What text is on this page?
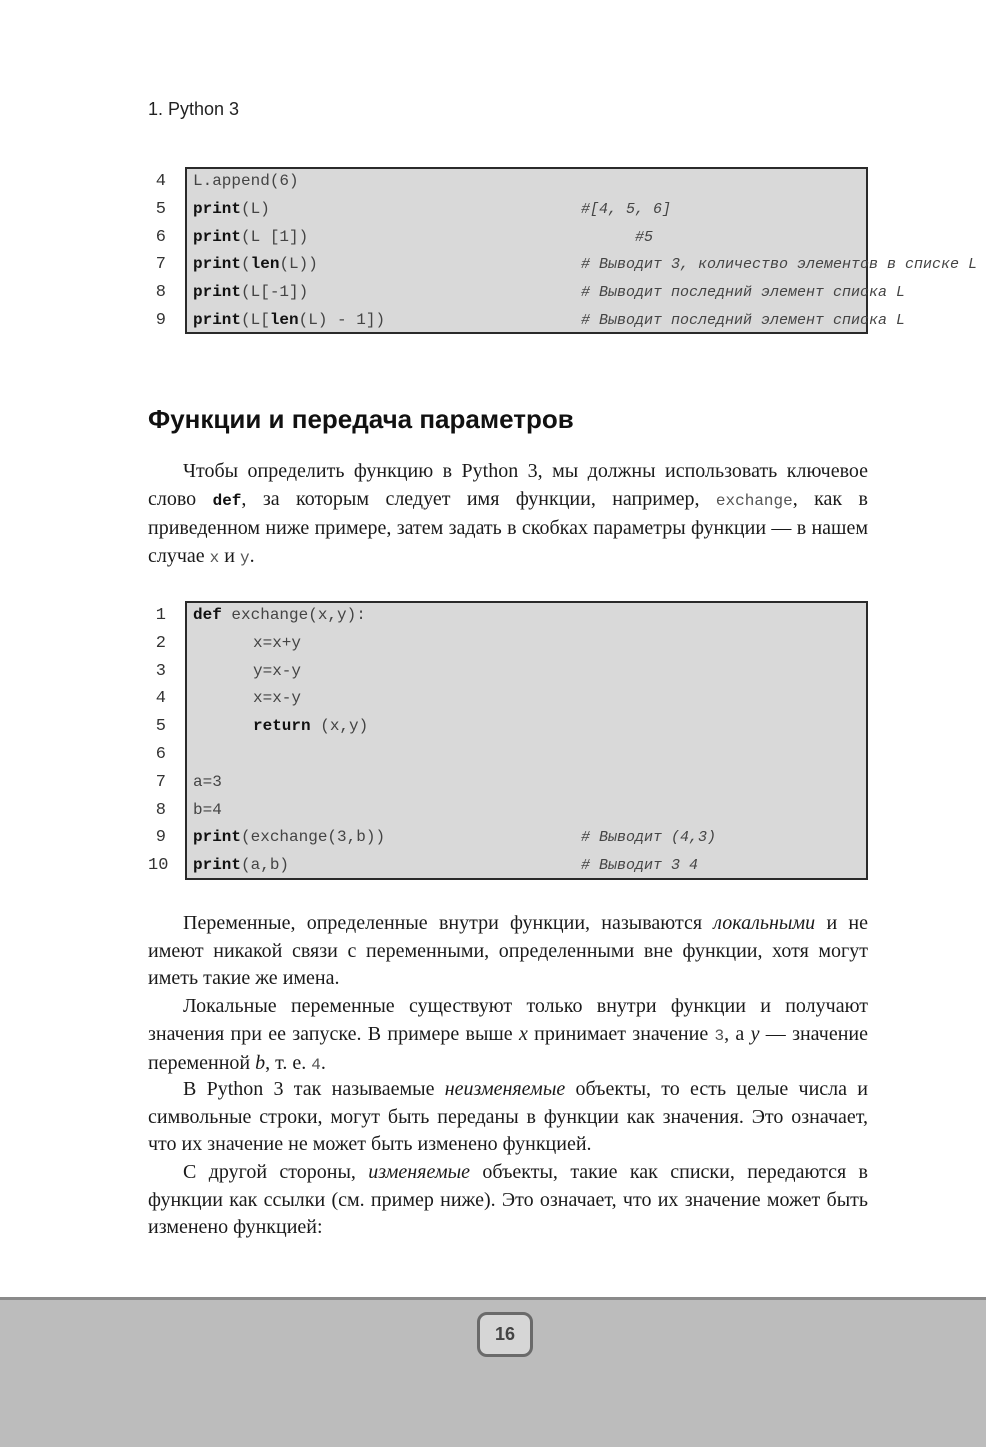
1. Python 3
4 L.append(6)
5 print(L)	#[4, 5, 6]
6 print(L [1])	#5
7 print(len(L))	# Выводит 3, количество элементов в списке L
8 print(L[-1])	# Выводит последний элемент списка L
9 print(L[len(L) - 1])	# Выводит последний элемент списка L
Функции и передача параметров

Чтобы определить функцию в Python 3, мы должны использовать ключевое слово def, за которым следует имя функции, например, exchange, как в приведенном ниже примере, затем задать в скобках параметры функции — в нашем случае x и y.

1 def exchange(x,y):
2	x=x+y
3	y=x-y
4	x=x-y
5	return (x,y)
6
7 a=3
8 b=4
9 print(exchange(3,b))	# Выводит (4,3)
10 print(a,b)	# Выводит 3 4

Переменные, определенные внутри функции, называются локальными и не имеют никакой связи с переменными, определенными вне функции, хотя могут иметь такие же имена.

Локальные переменные существуют только внутри функции и получают значения при ее запуске. В примере выше x принимает значение 3, а y — значение переменной b, т. е. 4.

В Python 3 так называемые неизменяемые объекты, то есть целые числа и символьные строки, могут быть переданы в функции как значения. Это означает, что их значение не может быть изменено функцией.

С другой стороны, изменяемые объекты, такие как списки, передаются в функции как ссылки (см. пример ниже). Это означает, что их значение может быть изменено функцией:

16
